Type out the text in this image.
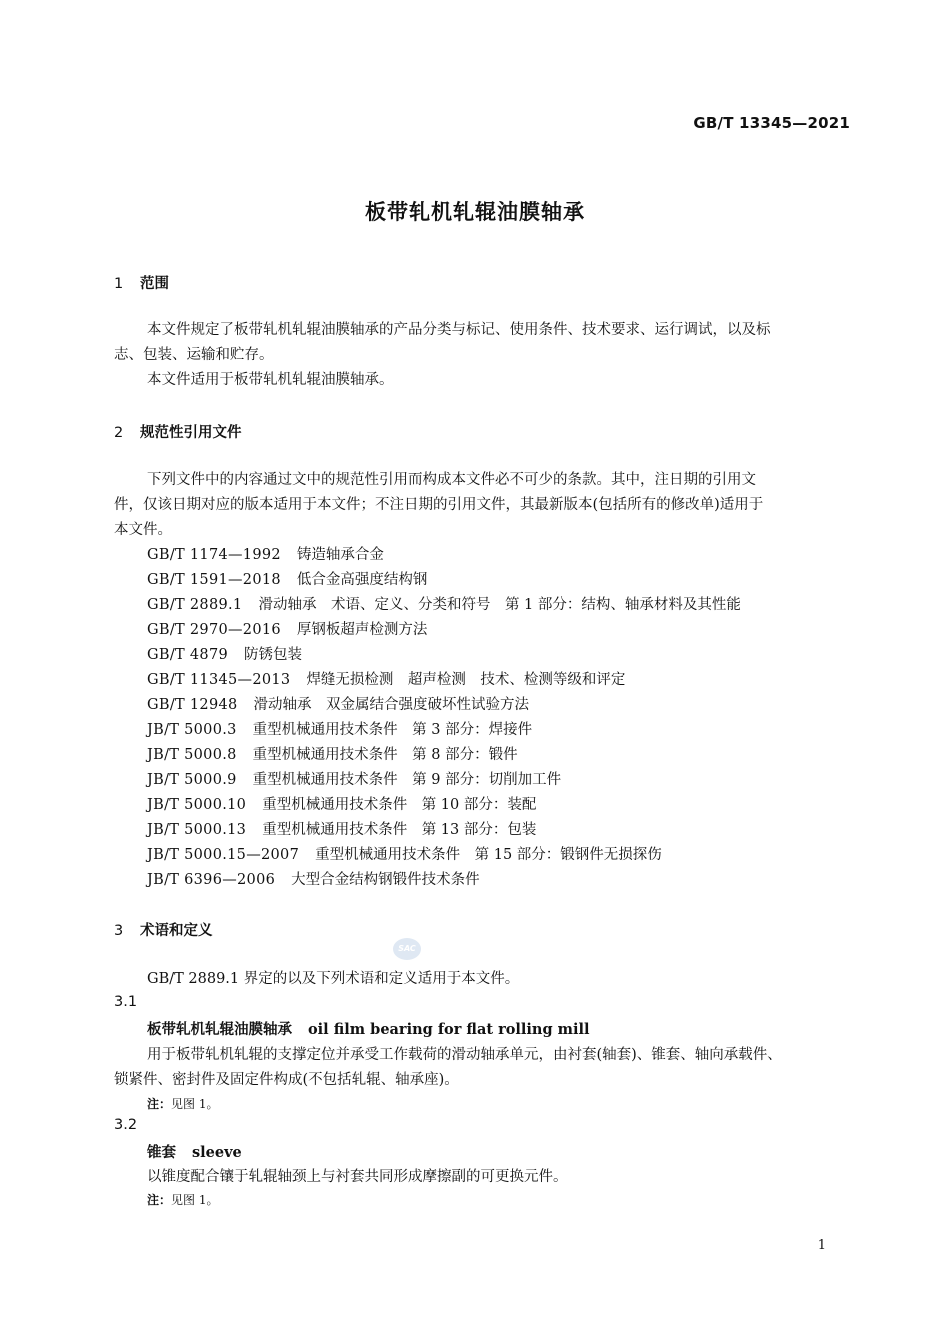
GB/T 13345—2021
板带轧机轧辊油膜轴承
1 范围

本文件规定了板带轧机轧辊油膜轴承的产品分类与标记、使用条件、技术要求、运行调试，以及标

志、包装、运输和贮存。
本文件适用于板带轧机轧辊油膜轴承。
2 规范性引用文件
下列文件中的内容通过文中的规范性引用而构成本文件必不可少的条款。其中，注日期的引用文
件，仅该日期对应的版本适用于本文件；不注日期的引用文件，其最新版本(包括所有的修改单)适用于
本文件。
GB/T 1174—1992 铸造轴承合金
GB/T 1591—2018 低合金高强度结构钢
GB/T 2889.1 滑动轴承　术语、定义、分类和符号　第 1 部分：结构、轴承材料及其性能
GB/T 2970—2016 厚钢板超声检测方法
GB/T 4879 防锈包装
GB/T 11345—2013 焊缝无损检测　超声检测　技术、检测等级和评定
GB/T 12948 滑动轴承　双金属结合强度破坏性试验方法
JB/T 5000.3 重型机械通用技术条件　第 3 部分：焊接件
JB/T 5000.8 重型机械通用技术条件　第 8 部分：锻件
JB/T 5000.9 重型机械通用技术条件　第 9 部分：切削加工件
JB/T 5000.10 重型机械通用技术条件　第 10 部分：装配
JB/T 5000.13 重型机械通用技术条件　第 13 部分：包装
JB/T 5000.15—2007 重型机械通用技术条件　第 15 部分：锻钢件无损探伤
JB/T 6396—2006 大型合金结构钢锻件技术条件
3 术语和定义
SAC
GB/T 2889.1 界定的以及下列术语和定义适用于本文件。
3.1
板带轧机轧辊油膜轴承 oil film bearing for flat rolling mill
用于板带轧机轧辊的支撑定位并承受工作载荷的滑动轴承单元，由衬套(轴套)、锥套、轴向承载件、
锁紧件、密封件及固定件构成(不包括轧辊、轴承座)。
注：见图 1。
3.2
锥套 sleeve
以锥度配合镶于轧辊轴颈上与衬套共同形成摩擦副的可更换元件。
注：见图 1。
1
